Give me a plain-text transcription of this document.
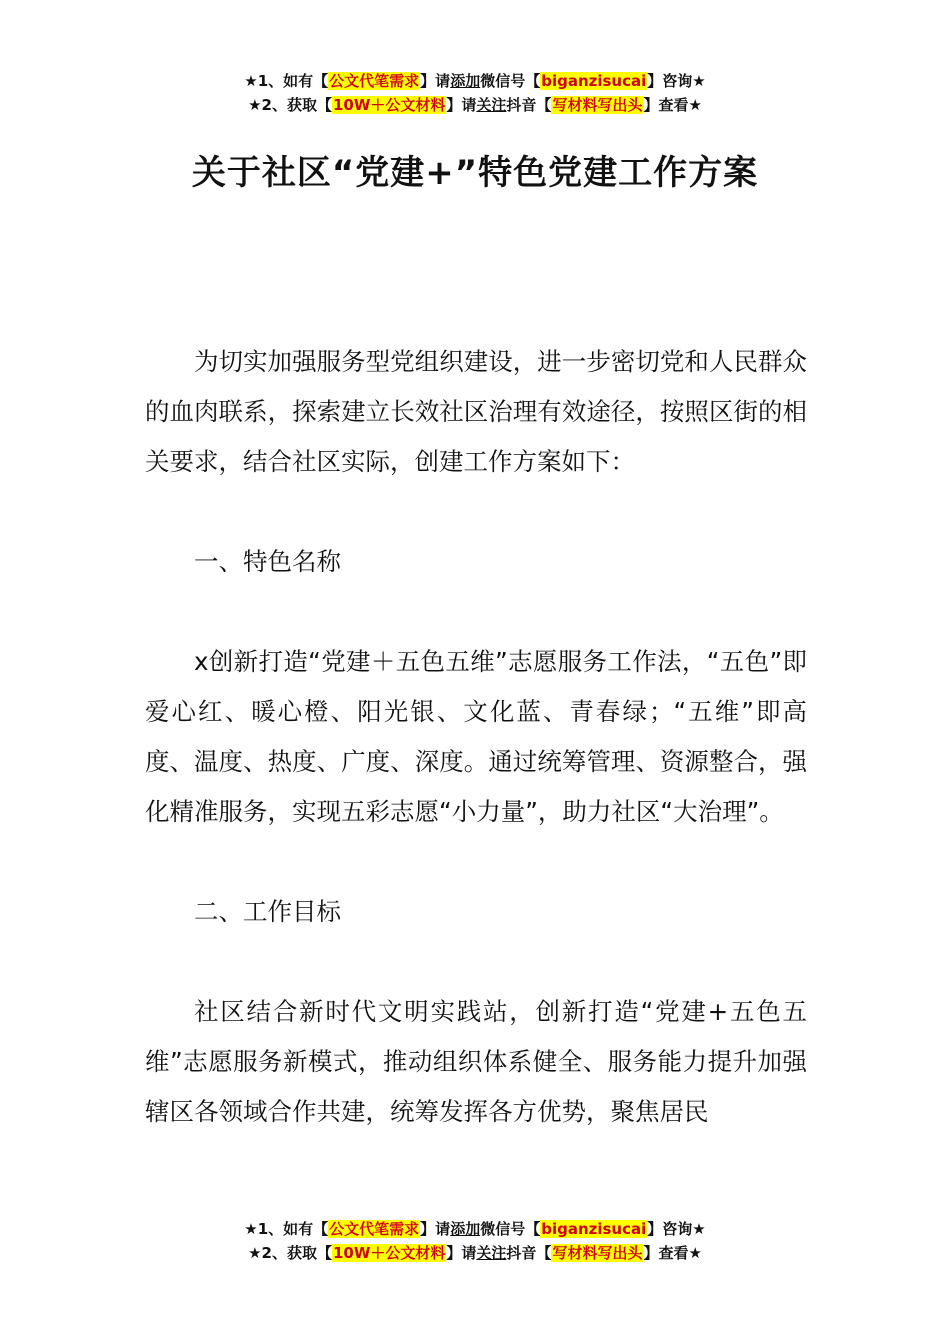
★1、如有【公文代笔需求】请添加微信号【biganzisucai】咨询★
★2、获取【10W＋公文材料】请关注抖音【写材料写出头】查看★
关于社区“党建+”特色党建工作方案

为切实加强服务型党组织建设，进一步密切党和人民群众的血肉联系，探索建立长效社区治理有效途径，按照区街的相关要求，结合社区实际，创建工作方案如下：

一、特色名称

x创新打造“党建＋五色五维”志愿服务工作法，“五色”即爱心红、暖心橙、阳光银、文化蓝、青春绿；“五维”即高度、温度、热度、广度、深度。通过统筹管理、资源整合，强化精准服务，实现五彩志愿“小力量”，助力社区“大治理”。

二、工作目标

社区结合新时代文明实践站，创新打造“党建+五色五维”志愿服务新模式，推动组织体系健全、服务能力提升加强辖区各领域合作共建，统筹发挥各方优势，聚焦居民

★1、如有【公文代笔需求】请添加微信号【biganzisucai】咨询★
★2、获取【10W＋公文材料】请关注抖音【写材料写出头】查看★
